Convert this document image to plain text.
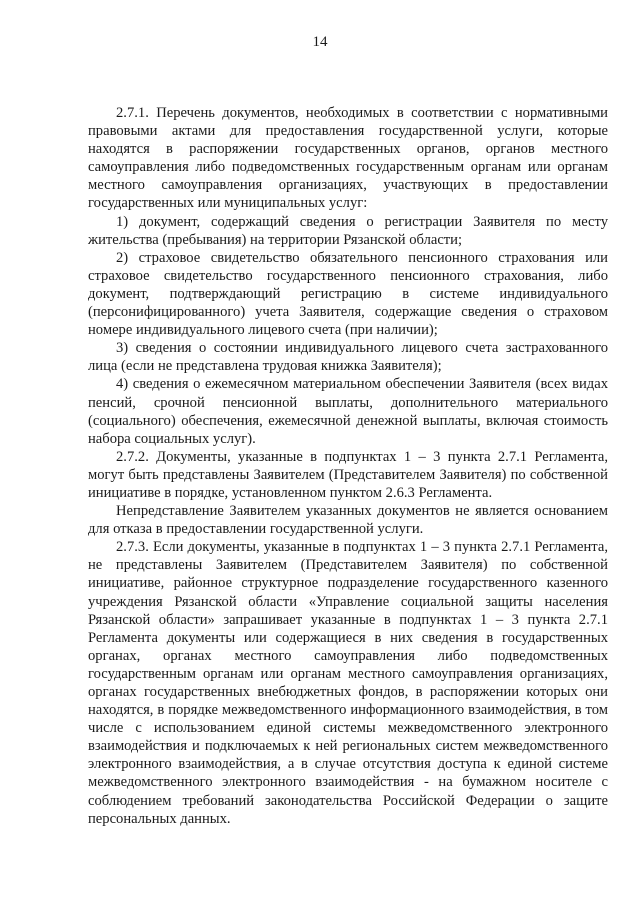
14

2.7.1. Перечень документов, необходимых в соответствии с нормативными правовыми актами для предоставления государственной услуги, которые находятся в распоряжении государственных органов, органов местного самоуправления либо подведомственных государственным органам или органам местного самоуправления организациях, участвующих в предоставлении государственных или муниципальных услуг:

1) документ, содержащий сведения о регистрации Заявителя по месту жительства (пребывания) на территории Рязанской области;

2) страховое свидетельство обязательного пенсионного страхования или страховое свидетельство государственного пенсионного страхования, либо документ, подтверждающий регистрацию в системе индивидуального (персонифицированного) учета Заявителя, содержащие сведения о страховом номере индивидуального лицевого счета (при наличии);

3) сведения о состоянии индивидуального лицевого счета застрахованного лица (если не представлена трудовая книжка Заявителя);

4) сведения о ежемесячном материальном обеспечении Заявителя (всех видах пенсий, срочной пенсионной выплаты, дополнительного материального (социального) обеспечения, ежемесячной денежной выплаты, включая стоимость набора социальных услуг).

2.7.2. Документы, указанные в подпунктах 1 – 3 пункта 2.7.1 Регламента, могут быть представлены Заявителем (Представителем Заявителя) по собственной инициативе в порядке, установленном пунктом 2.6.3 Регламента.

Непредставление Заявителем указанных документов не является основанием для отказа в предоставлении государственной услуги.

2.7.3. Если документы, указанные в подпунктах 1 – 3 пункта 2.7.1 Регламента, не представлены Заявителем (Представителем Заявителя) по собственной инициативе, районное структурное подразделение государственного казенного учреждения Рязанской области «Управление социальной защиты населения Рязанской области» запрашивает указанные в подпунктах 1 – 3 пункта 2.7.1 Регламента документы или содержащиеся в них сведения в государственных органах, органах местного самоуправления либо подведомственных государственным органам или органам местного самоуправления организациях, органах государственных внебюджетных фондов, в распоряжении которых они находятся, в порядке межведомственного информационного взаимодействия, в том числе с использованием единой системы межведомственного электронного взаимодействия и подключаемых к ней региональных систем межведомственного электронного взаимодействия, а в случае отсутствия доступа к единой системе межведомственного электронного взаимодействия - на бумажном носителе с соблюдением требований законодательства Российской Федерации о защите персональных данных.
